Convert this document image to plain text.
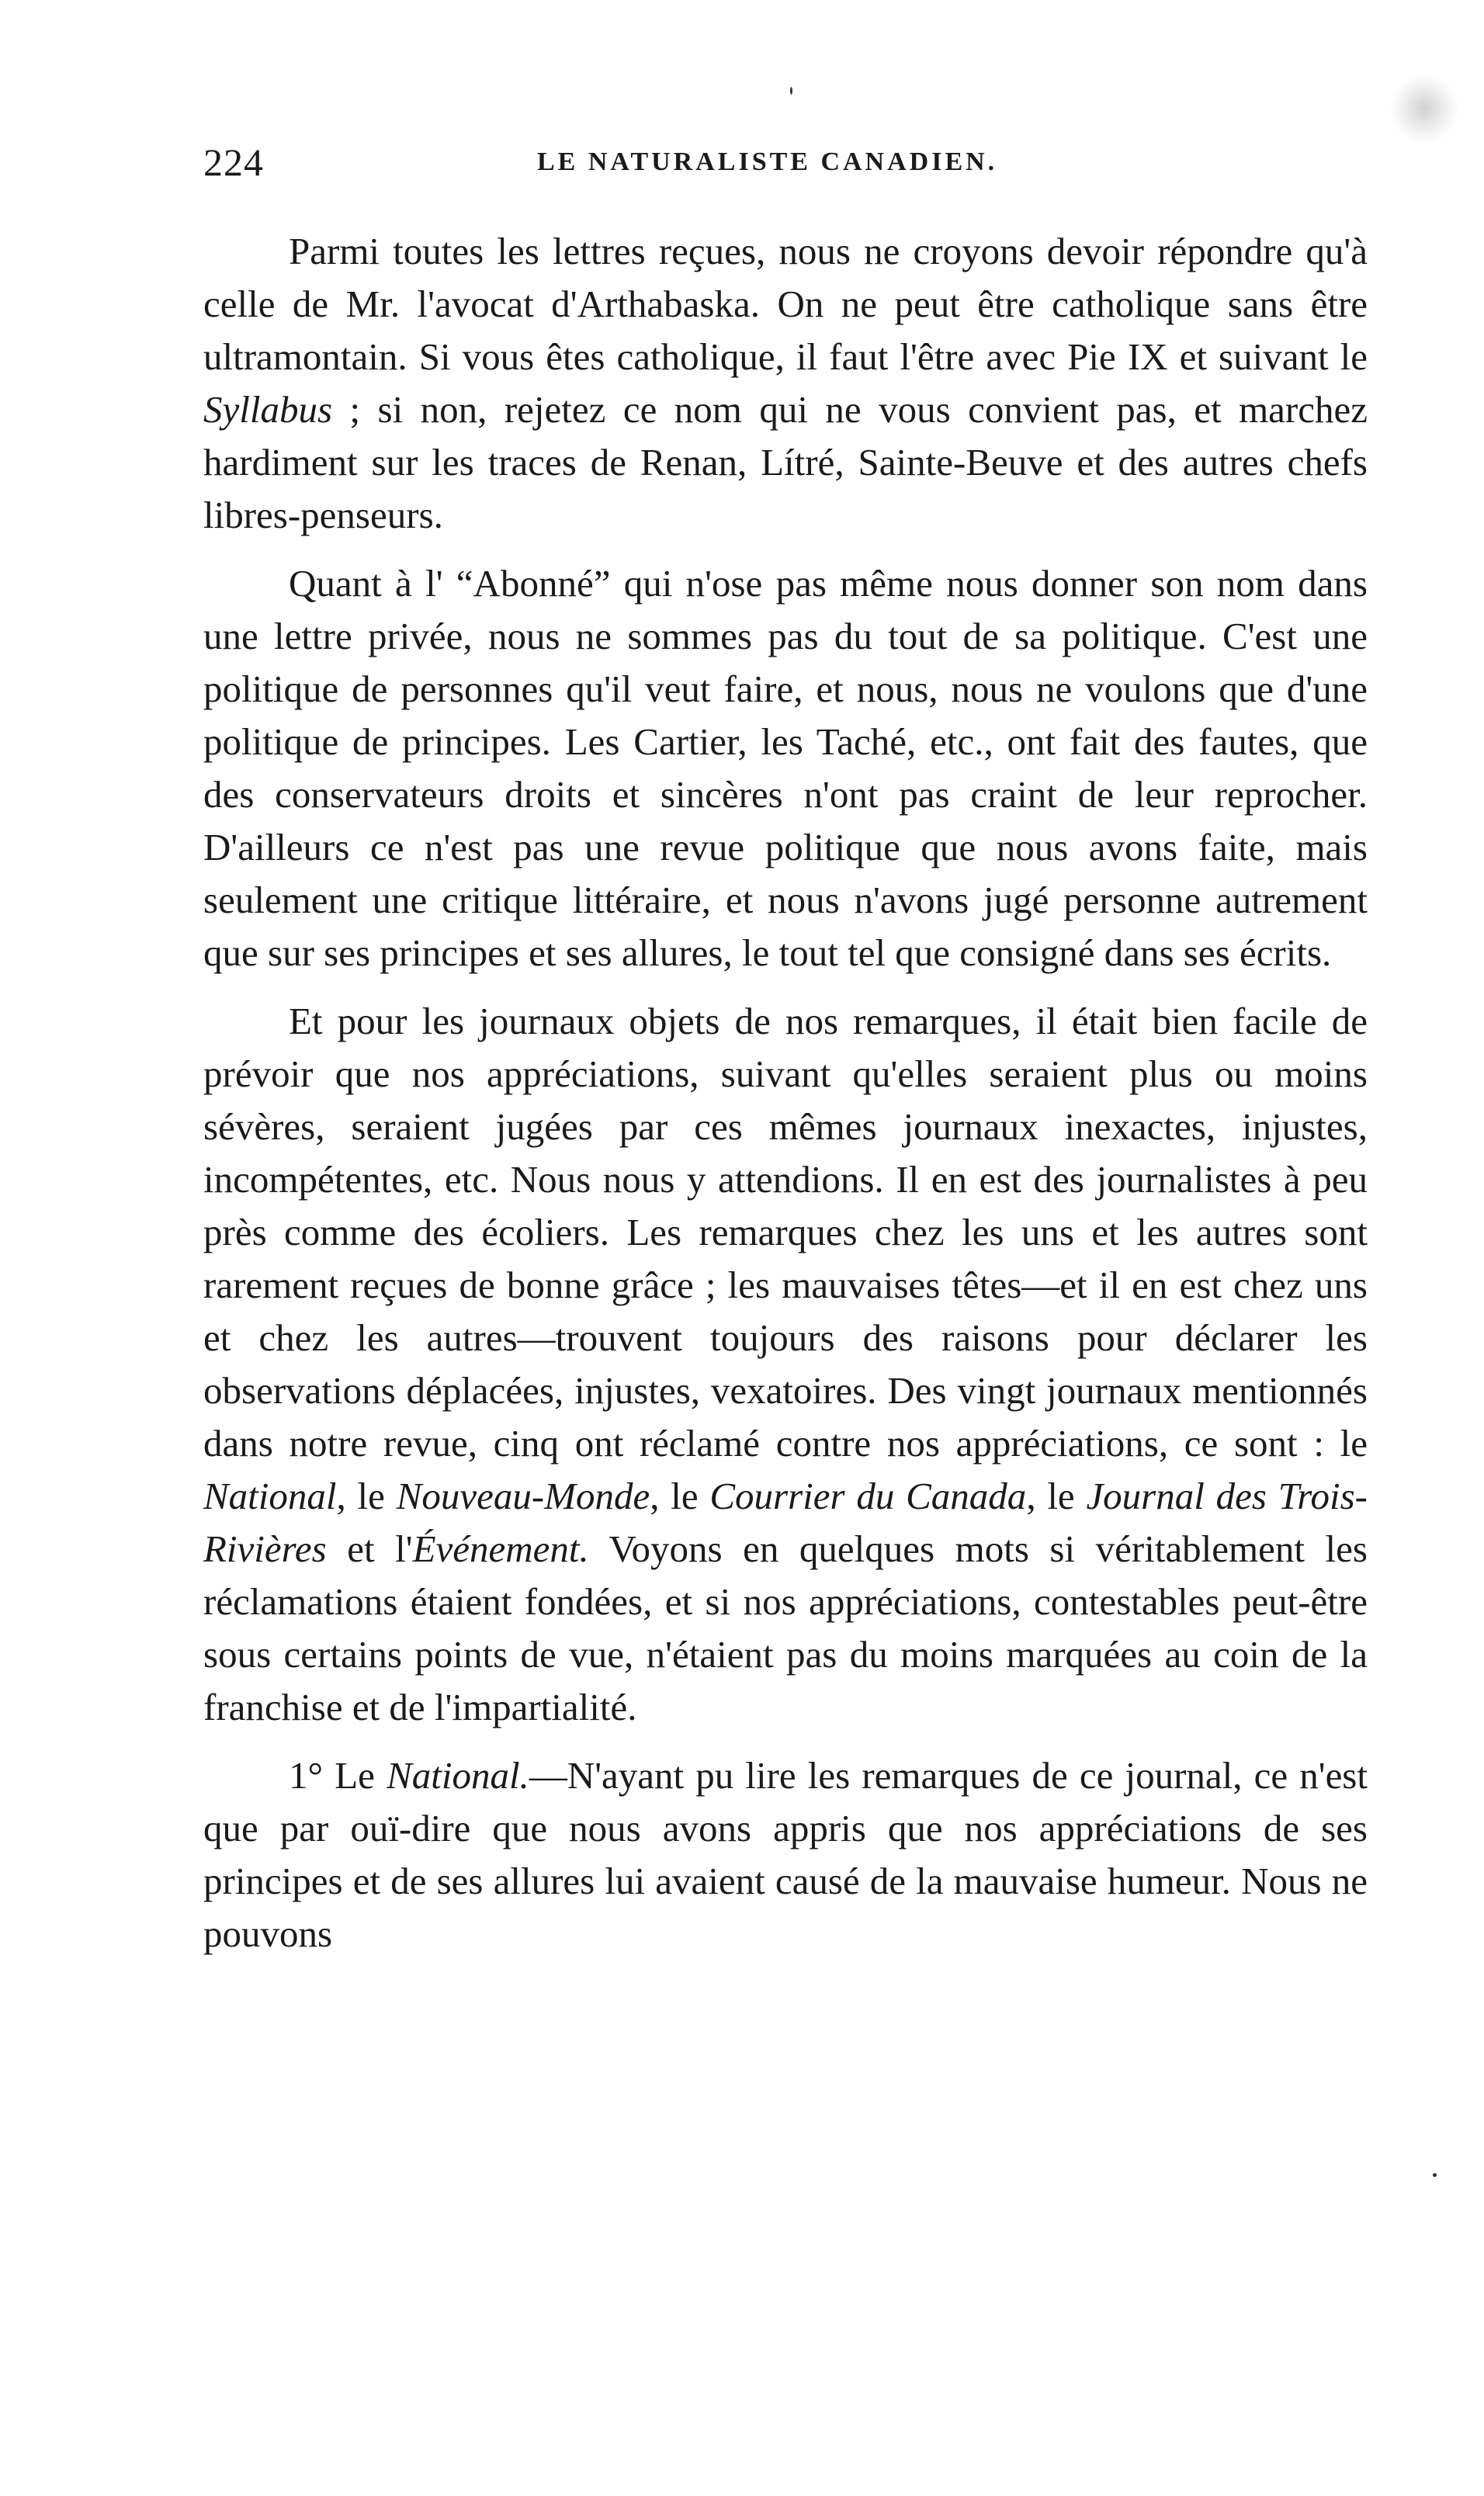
224	LE NATURALISTE CANADIEN.

Parmi toutes les lettres reçues, nous ne croyons devoir répondre qu'à celle de Mr. l'avocat d'Arthabaska. On ne peut être catholique sans être ultramontain. Si vous êtes catholique, il faut l'être avec Pie IX et suivant le Syllabus ; si non, rejetez ce nom qui ne vous convient pas, et marchez hardiment sur les traces de Renan, Lítré, Sainte-Beuve et des autres chefs libres-penseurs.

Quant à l' “Abonné” qui n'ose pas même nous donner son nom dans une lettre privée, nous ne sommes pas du tout de sa politique. C'est une politique de personnes qu'il veut faire, et nous, nous ne voulons que d'une politique de principes. Les Cartier, les Taché, etc., ont fait des fautes, que des conservateurs droits et sincères n'ont pas craint de leur reprocher. D'ailleurs ce n'est pas une revue politique que nous avons faite, mais seulement une critique littéraire, et nous n'avons jugé personne autrement que sur ses principes et ses allures, le tout tel que consigné dans ses écrits.

Et pour les journaux objets de nos remarques, il était bien facile de prévoir que nos appréciations, suivant qu'elles seraient plus ou moins sévères, seraient jugées par ces mêmes journaux inexactes, injustes, incompétentes, etc. Nous nous y attendions. Il en est des journalistes à peu près comme des écoliers. Les remarques chez les uns et les autres sont rarement reçues de bonne grâce ; les mauvaises têtes—et il en est chez uns et chez les autres—trouvent toujours des raisons pour déclarer les observations déplacées, injustes, vexatoires. Des vingt journaux mentionnés dans notre revue, cinq ont réclamé contre nos appréciations, ce sont : le National, le Nouveau-Monde, le Courrier du Canada, le Journal des Trois-Rivières et l'Événement. Voyons en quelques mots si véritablement les réclamations étaient fondées, et si nos appréciations, contestables peut-être sous certains points de vue, n'étaient pas du moins marquées au coin de la franchise et de l'impartialité.

1° Le National.—N'ayant pu lire les remarques de ce journal, ce n'est que par ouï-dire que nous avons appris que nos appréciations de ses principes et de ses allures lui avaient causé de la mauvaise humeur. Nous ne pouvons
